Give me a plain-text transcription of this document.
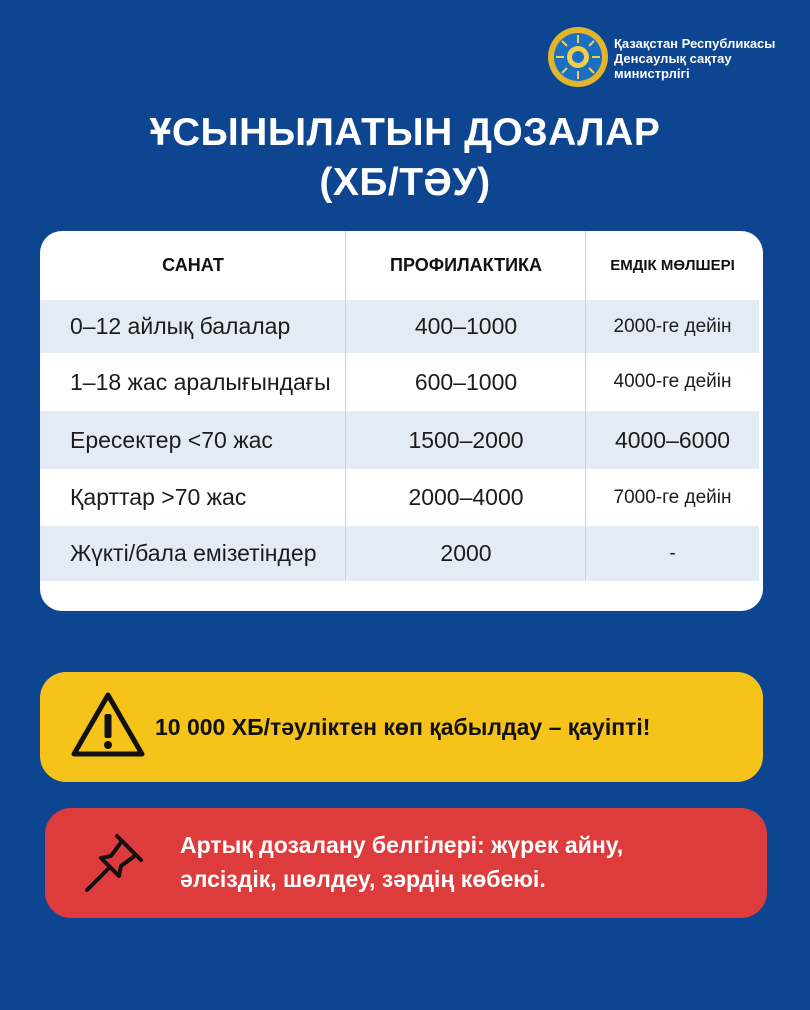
Қазақстан Республикасы
Денсаулық сақтау
министрлігі
ҰСЫНЫЛАТЫН ДОЗАЛАР
(ХБ/ТӘУ)
САНАТ	ПРОФИЛАКТИКА	ЕМДІК МӨЛШЕРІ
0–12 айлық балалар	400–1000	2000-ге дейін
1–18 жас аралығындағы	600–1000	4000-ге дейін
Ересектер <70 жас	1500–2000	4000–6000
Қарттар >70 жас	2000–4000	7000-ге дейін
Жүкті/бала емізетіндер	2000	-
10 000 ХБ/тәуліктен көп қабылдау – қауіпті!
Артық дозалану белгілері: жүрек айну,
әлсіздік, шөлдеу, зәрдің көбеюі.
